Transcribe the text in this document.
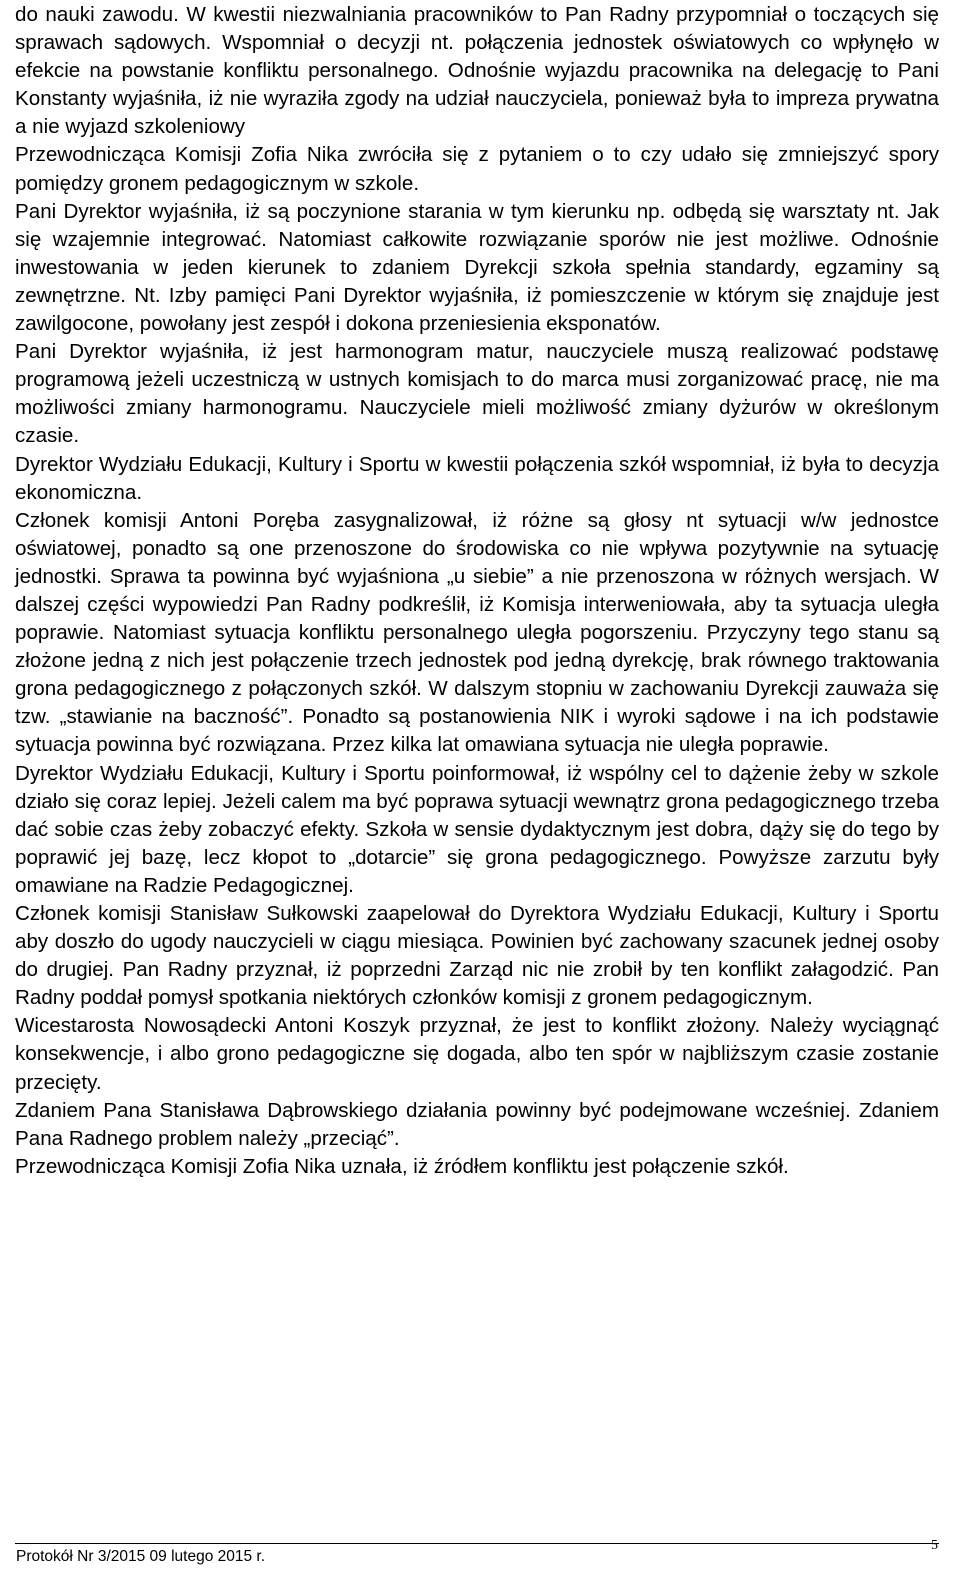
do nauki zawodu. W kwestii niezwalniania pracowników to Pan Radny przypomniał o toczących się sprawach sądowych. Wspomniał o decyzji nt. połączenia jednostek oświatowych co wpłynęło w efekcie na powstanie konfliktu personalnego. Odnośnie wyjazdu pracownika na delegację to Pani Konstanty wyjaśniła, iż nie wyraziła zgody na udział nauczyciela, ponieważ była to impreza prywatna a nie wyjazd szkoleniowy

Przewodnicząca Komisji Zofia Nika zwróciła się z pytaniem o to czy udało się zmniejszyć spory pomiędzy gronem pedagogicznym w szkole.

Pani Dyrektor wyjaśniła, iż są poczynione starania w tym kierunku np. odbędą się warsztaty nt. Jak się wzajemnie integrować. Natomiast całkowite rozwiązanie sporów nie jest możliwe. Odnośnie inwestowania w jeden kierunek to zdaniem Dyrekcji szkoła spełnia standardy, egzaminy są zewnętrzne. Nt. Izby pamięci Pani Dyrektor wyjaśniła, iż pomieszczenie w którym się znajduje jest zawilgocone, powołany jest zespół i dokona przeniesienia eksponatów.

Pani Dyrektor wyjaśniła, iż jest harmonogram matur, nauczyciele muszą realizować podstawę programową jeżeli uczestniczą w ustnych komisjach to do marca musi zorganizować pracę, nie ma możliwości zmiany harmonogramu. Nauczyciele mieli możliwość zmiany dyżurów w określonym czasie.

Dyrektor Wydziału Edukacji, Kultury i Sportu w kwestii połączenia szkół wspomniał, iż była to decyzja ekonomiczna.

Członek komisji Antoni Poręba zasygnalizował, iż różne są głosy nt sytuacji w/w jednostce oświatowej, ponadto są one przenoszone do środowiska co nie wpływa pozytywnie na sytuację jednostki. Sprawa ta powinna być wyjaśniona „u siebie” a nie przenoszona w różnych wersjach. W dalszej części wypowiedzi Pan Radny podkreślił, iż Komisja interweniowała, aby ta sytuacja uległa poprawie. Natomiast sytuacja konfliktu personalnego uległa pogorszeniu. Przyczyny tego stanu są złożone jedną z nich jest połączenie trzech jednostek pod jedną dyrekcję, brak równego traktowania grona pedagogicznego z połączonych szkół. W dalszym stopniu w zachowaniu Dyrekcji zauważa się tzw. „stawianie na baczność”. Ponadto są postanowienia NIK i wyroki sądowe i na ich podstawie sytuacja powinna być rozwiązana. Przez kilka lat omawiana sytuacja nie uległa poprawie.

Dyrektor Wydziału Edukacji, Kultury i Sportu poinformował, iż wspólny cel to dążenie żeby w szkole działo się coraz lepiej. Jeżeli calem ma być poprawa sytuacji wewnątrz grona pedagogicznego trzeba dać sobie czas żeby zobaczyć efekty. Szkoła w sensie dydaktycznym jest dobra, dąży się do tego by poprawić jej bazę, lecz kłopot to „dotarcie” się grona pedagogicznego. Powyższe zarzutu były omawiane na Radzie Pedagogicznej.

Członek komisji Stanisław Sułkowski zaapelował do Dyrektora Wydziału Edukacji, Kultury i Sportu aby doszło do ugody nauczycieli w ciągu miesiąca. Powinien być zachowany szacunek jednej osoby do drugiej. Pan Radny przyznał, iż poprzedni Zarząd nic nie zrobił by ten konflikt załagodzić. Pan Radny poddał pomysł spotkania niektórych członków komisji z gronem pedagogicznym.

Wicestarosta Nowosądecki Antoni Koszyk przyznał, że jest to konflikt złożony. Należy wyciągnąć konsekwencje, i albo grono pedagogiczne się dogada, albo ten spór w najbliższym czasie zostanie przecięty.

Zdaniem Pana Stanisława Dąbrowskiego działania powinny być podejmowane wcześniej. Zdaniem Pana Radnego problem należy „przeciąć”.

Przewodnicząca Komisji Zofia Nika uznała, iż źródłem konfliktu jest połączenie szkół.

Protokół Nr 3/2015 09 lutego 2015 r.
5
